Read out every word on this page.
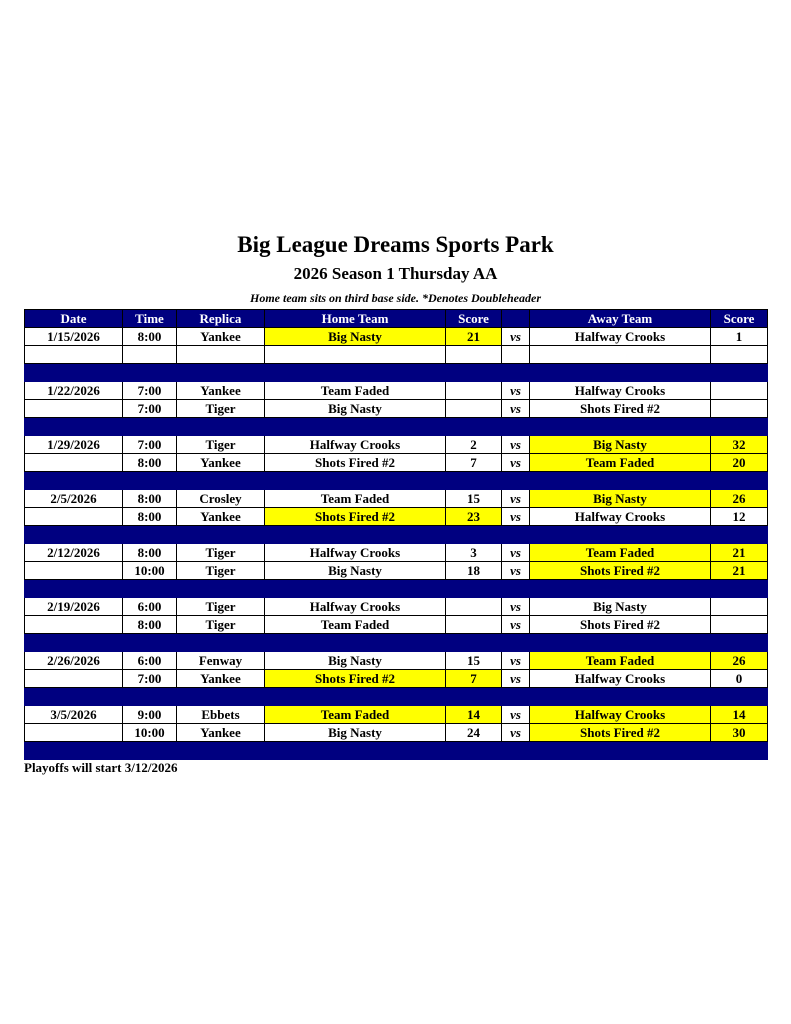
Big League Dreams Sports Park
2026 Season 1 Thursday AA
Home team sits on third base side. *Denotes Doubleheader
Date	Time	Replica	Home Team	Score		Away Team	Score
1/15/2026	8:00	Yankee	Big Nasty	21	vs	Halfway Crooks	1

1/22/2026	7:00	Yankee	Team Faded		vs	Halfway Crooks	
	7:00	Tiger	Big Nasty		vs	Shots Fired #2	

1/29/2026	7:00	Tiger	Halfway Crooks	2	vs	Big Nasty	32
	8:00	Yankee	Shots Fired #2	7	vs	Team Faded	20

2/5/2026	8:00	Crosley	Team Faded	15	vs	Big Nasty	26
	8:00	Yankee	Shots Fired #2	23	vs	Halfway Crooks	12

2/12/2026	8:00	Tiger	Halfway Crooks	3	vs	Team Faded	21
	10:00	Tiger	Big Nasty	18	vs	Shots Fired #2	21

2/19/2026	6:00	Tiger	Halfway Crooks		vs	Big Nasty	
	8:00	Tiger	Team Faded		vs	Shots Fired #2	

2/26/2026	6:00	Fenway	Big Nasty	15	vs	Team Faded	26
	7:00	Yankee	Shots Fired #2	7	vs	Halfway Crooks	0

3/5/2026	9:00	Ebbets	Team Faded	14	vs	Halfway Crooks	14
	10:00	Yankee	Big Nasty	24	vs	Shots Fired #2	30

Playoffs will start 3/12/2026
